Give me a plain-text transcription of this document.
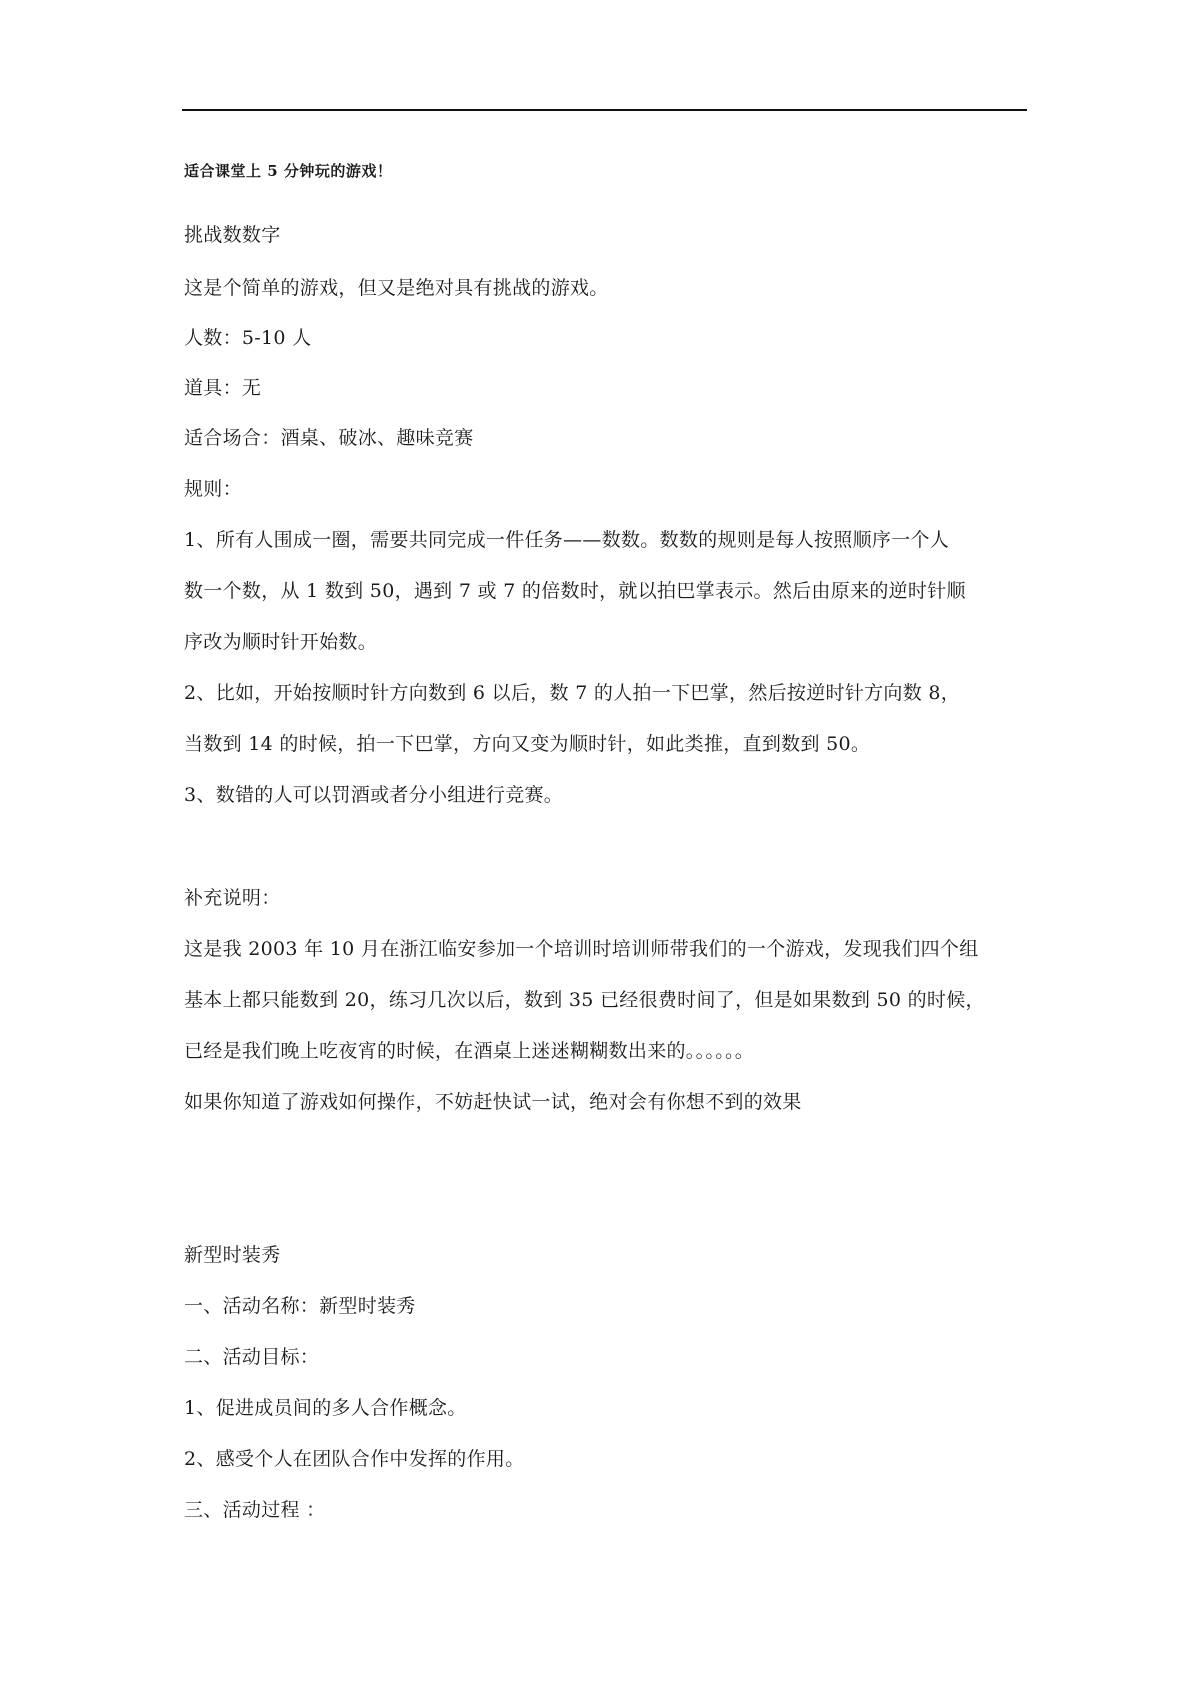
适合课堂上 5 分钟玩的游戏！
挑战数数字
这是个简单的游戏，但又是绝对具有挑战的游戏。
人数：5-10 人
道具：无
适合场合：酒桌、破冰、趣味竞赛
规则：
1、所有人围成一圈，需要共同完成一件任务——数数。数数的规则是每人按照顺序一个人
数一个数，从 1 数到 50，遇到 7 或 7 的倍数时，就以拍巴掌表示。然后由原来的逆时针顺
序改为顺时针开始数。
2、比如，开始按顺时针方向数到 6 以后，数 7 的人拍一下巴掌，然后按逆时针方向数 8，
当数到 14 的时候，拍一下巴掌，方向又变为顺时针，如此类推，直到数到 50。
3、数错的人可以罚酒或者分小组进行竞赛。
补充说明：
这是我 2003 年 10 月在浙江临安参加一个培训时培训师带我们的一个游戏，发现我们四个组
基本上都只能数到 20，练习几次以后，数到 35 已经很费时间了，但是如果数到 50 的时候，
已经是我们晚上吃夜宵的时候，在酒桌上迷迷糊糊数出来的。。。。。。
如果你知道了游戏如何操作，不妨赶快试一试，绝对会有你想不到的效果
新型时装秀
一、活动名称：新型时装秀
二、活动目标：
1、促进成员间的多人合作概念。
2、感受个人在团队合作中发挥的作用。
三、活动过程 ：
